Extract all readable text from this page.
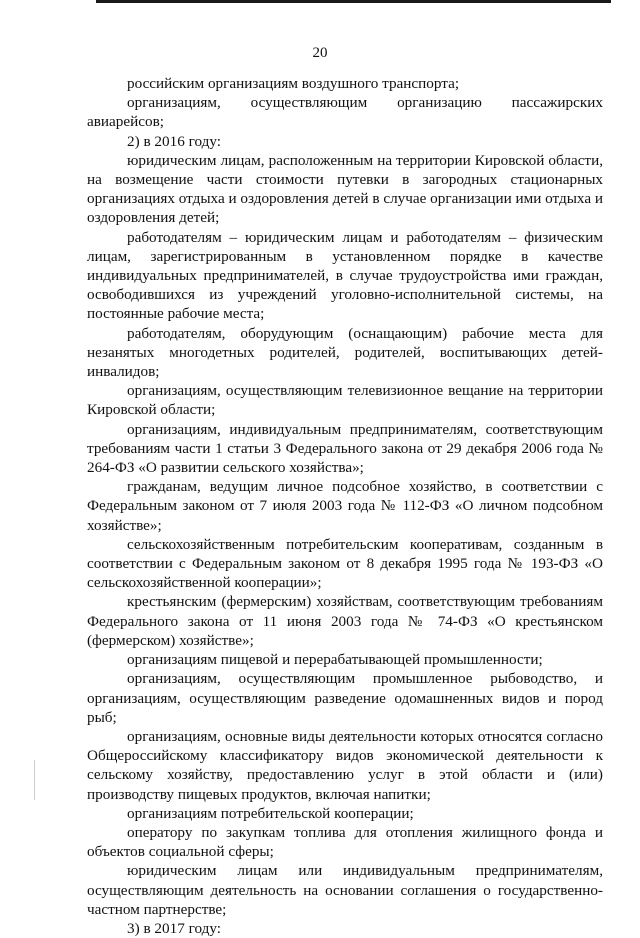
20

российским организациям воздушного транспорта;

организациям, осуществляющим организацию пассажирских авиарейсов;

2) в 2016 году:

юридическим лицам, расположенным на территории Кировской области, на возмещение части стоимости путевки в загородных стационарных организациях отдыха и оздоровления детей в случае организации ими отдыха и оздоровления детей;

работодателям – юридическим лицам и работодателям – физическим лицам, зарегистрированным в установленном порядке в качестве индивидуальных предпринимателей, в случае трудоустройства ими граждан, освободившихся из учреждений уголовно-исполнительной системы, на постоянные рабочие места;

работодателям, оборудующим (оснащающим) рабочие места для незанятых многодетных родителей, родителей, воспитывающих детей-инвалидов;

организациям, осуществляющим телевизионное вещание на территории Кировской области;

организациям, индивидуальным предпринимателям, соответствующим требованиям части 1 статьи 3 Федерального закона от 29 декабря 2006 года № 264-ФЗ «О развитии сельского хозяйства»;

гражданам, ведущим личное подсобное хозяйство, в соответствии с Федеральным законом от 7 июля 2003 года № 112-ФЗ «О личном подсобном хозяйстве»;

сельскохозяйственным потребительским кооперативам, созданным в соответствии с Федеральным законом от 8 декабря 1995 года № 193-ФЗ «О сельскохозяйственной кооперации»;

крестьянским (фермерским) хозяйствам, соответствующим требованиям Федерального закона от 11 июня 2003 года № 74-ФЗ «О крестьянском (фермерском) хозяйстве»;

организациям пищевой и перерабатывающей промышленности;

организациям, осуществляющим промышленное рыбоводство, и организациям, осуществляющим разведение одомашненных видов и пород рыб;

организациям, основные виды деятельности которых относятся согласно Общероссийскому классификатору видов экономической деятельности к сельскому хозяйству, предоставлению услуг в этой области и (или) производству пищевых продуктов, включая напитки;

организациям потребительской кооперации;

оператору по закупкам топлива для отопления жилищного фонда и объектов социальной сферы;

юридическим лицам или индивидуальным предпринимателям, осуществляющим деятельность на основании соглашения о государственно-частном партнерстве;

3) в 2017 году:
